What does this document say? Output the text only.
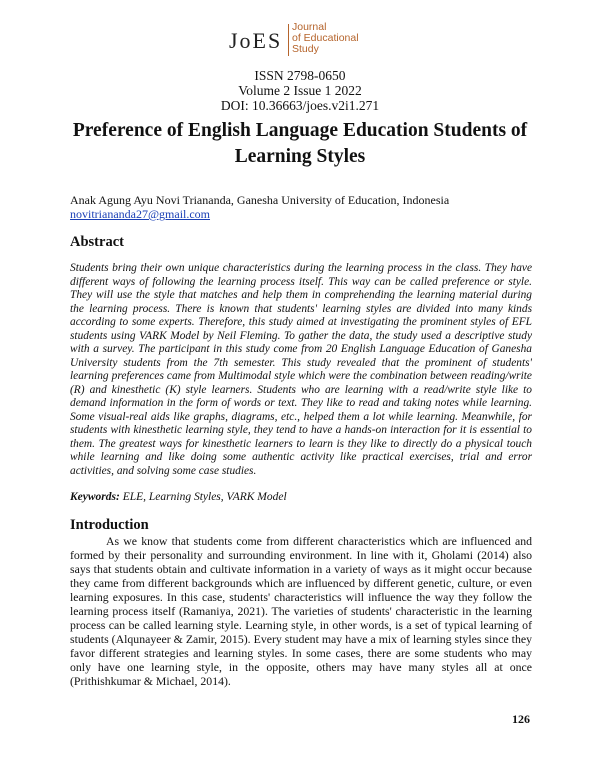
JoES
Journal
of Educational
Study
ISSN 2798-0650
Volume 2 Issue 1 2022
DOI: 10.36663/joes.v2i1.271
Preference of English Language Education Students of Learning Styles
Anak Agung Ayu Novi Triananda, Ganesha University of Education, Indonesia
novitriananda27@gmail.com
Abstract
Students bring their own unique characteristics during the learning process in the class. They have different ways of following the learning process itself. This way can be called preference or style. They will use the style that matches and help them in comprehending the learning material during the learning process. There is known that students' learning styles are divided into many kinds according to some experts. Therefore, this study aimed at investigating the prominent styles of EFL students using VARK Model by Neil Fleming. To gather the data, the study used a descriptive study with a survey. The participant in this study come from 20 English Language Education of Ganesha University students from the 7th semester. This study revealed that the prominent of students' learning preferences came from Multimodal style which were the combination between reading/write (R) and kinesthetic (K) style learners. Students who are learning with a read/write style like to demand information in the form of words or text. They like to read and taking notes while learning. Some visual-real aids like graphs, diagrams, etc., helped them a lot while learning. Meanwhile, for students with kinesthetic learning style, they tend to have a hands-on interaction for it is essential to them. The greatest ways for kinesthetic learners to learn is they like to directly do a physical touch while learning and like doing some authentic activity like practical exercises, trial and error activities, and solving some case studies.
Keywords: ELE, Learning Styles, VARK Model
Introduction
As we know that students come from different characteristics which are influenced and formed by their personality and surrounding environment. In line with it, Gholami (2014) also says that students obtain and cultivate information in a variety of ways as it might occur because they came from different backgrounds which are influenced by different genetic, culture, or even learning exposures. In this case, students' characteristics will influence the way they follow the learning process itself (Ramaniya, 2021). The varieties of students' characteristic in the learning process can be called learning style. Learning style, in other words, is a set of typical learning of students (Alqunayeer & Zamir, 2015). Every student may have a mix of learning styles since they favor different strategies and learning styles. In some cases, there are some students who may only have one learning style, in the opposite, others may have many styles all at once (Prithishkumar & Michael, 2014).
126
